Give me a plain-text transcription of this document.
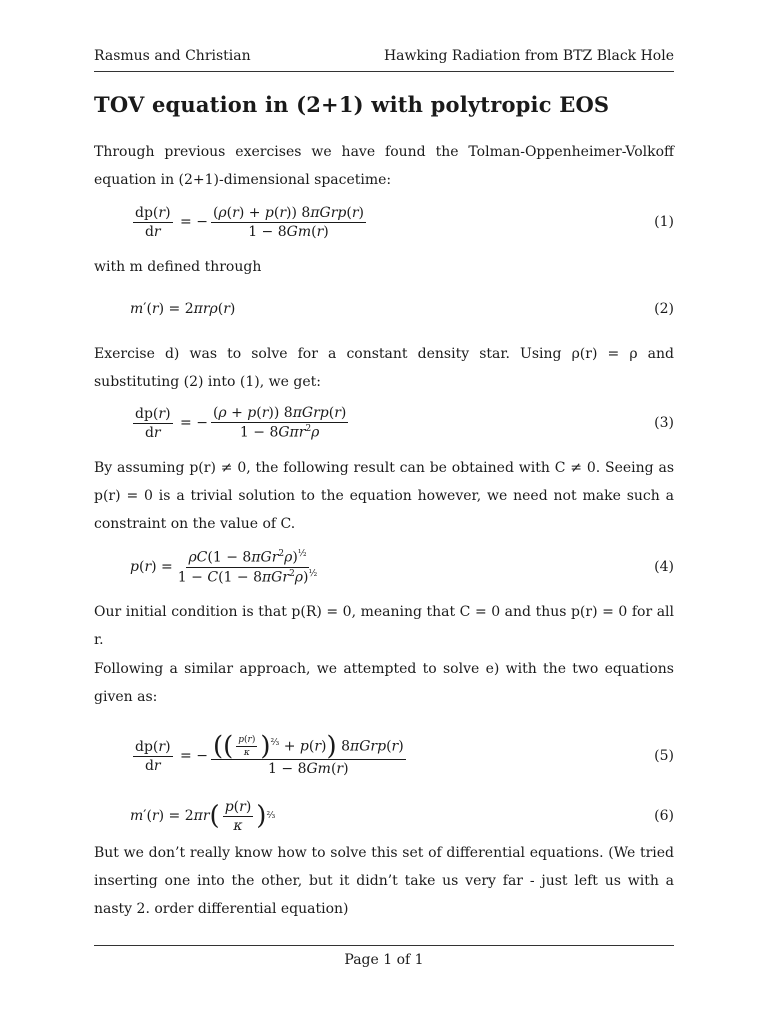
Rasmus and Christian	Hawking Radiation from BTZ Black Hole
TOV equation in (2+1) with polytropic EOS
Through previous exercises we have found the Tolman-Oppenheimer-Volkoff equation in (2+1)-dimensional spacetime:
$\frac{dp(r)}{dr}$ = − $\frac{\text{(ρ(r) + p(r)) 8πGrp(r)}}{1 - 8Gm(r)}$	(1)
with m defined through
m′(r) = 2πrρ(r)	(2)
Exercise d) was to solve for a constant density star. Using ρ(r) = ρ and substituting (2) into (1), we get:
$\frac{dp(r)}{dr}$ = − $\frac{\text{(ρ + p(r)) 8πGrp(r)}}{1 - 8G\pi r^2\rho}$	(3)
By assuming p(r) ≠ 0, the following result can be obtained with C ≠ 0. Seeing as p(r) = 0 is a trivial solution to the equation however, we need not make such a constraint on the value of C.
$p(r) = \frac{\rho C(1 - 8\pi Gr^2\rho)^{\frac{1}{2}}}{1 - C(1 - 8\pi Gr^2\rho)^{\frac{1}{2}}}$	(4)
Our initial condition is that p(R) = 0, meaning that C = 0 and thus p(r) = 0 for all r.
Following a similar approach, we attempted to solve e) with the two equations given as:
$\frac{dp(r)}{dr}$ = − $\frac{(( \frac{p(r)}{\kappa} )^{\frac{2}{3}} + p(r)) 8\pi Grp(r)}{1 - 8Gm(r)}$	(5)
m′(r) = 2πr ( $\frac{p(r)}{\kappa}$ ) ⅔	(6)
But we don’t really know how to solve this set of differential equations. (We tried inserting one into the other, but it didn’t take us very far - just left us with a nasty 2. order differential equation)
Page 1 of 1
